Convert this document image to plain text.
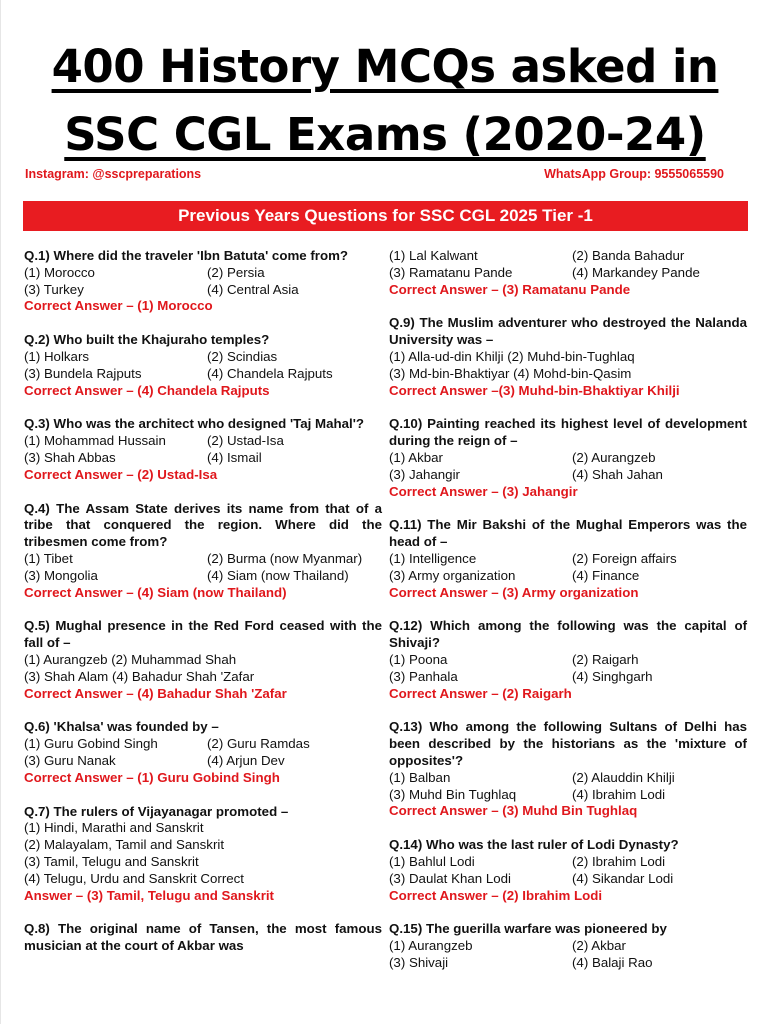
400 History MCQs asked in
SSC CGL Exams (2020-24)
Instagram: @sscpreparations	WhatsApp Group: 9555065590
Previous Years Questions for SSC CGL 2025 Tier -1
Q.1) Where did the traveler 'Ibn Batuta' come from?
(1) Morocco	(2) Persia
(3) Turkey	(4) Central Asia
Correct Answer – (1) Morocco
Q.2) Who built the Khajuraho temples?
(1) Holkars	(2) Scindias
(3) Bundela Rajputs	(4) Chandela Rajputs
Correct Answer – (4) Chandela Rajputs
Q.3) Who was the architect who designed 'Taj Mahal'?
(1) Mohammad Hussain	(2) Ustad-Isa
(3) Shah Abbas	(4) Ismail
Correct Answer – (2) Ustad-Isa
Q.4) The Assam State derives its name from that of a tribe that conquered the region. Where did the tribesmen come from?
(1) Tibet	(2) Burma (now Myanmar)
(3) Mongolia	(4) Siam (now Thailand)
Correct Answer – (4) Siam (now Thailand)
Q.5) Mughal presence in the Red Ford ceased with the fall of –
(1) Aurangzeb (2) Muhammad Shah
(3) Shah Alam (4) Bahadur Shah 'Zafar
Correct Answer – (4) Bahadur Shah 'Zafar
Q.6) 'Khalsa' was founded by –
(1) Guru Gobind Singh	(2) Guru Ramdas
(3) Guru Nanak	(4) Arjun Dev
Correct Answer – (1) Guru Gobind Singh
Q.7) The rulers of Vijayanagar promoted –
(1) Hindi, Marathi and Sanskrit
(2) Malayalam, Tamil and Sanskrit
(3) Tamil, Telugu and Sanskrit
(4) Telugu, Urdu and Sanskrit Correct
Answer – (3) Tamil, Telugu and Sanskrit
Q.8) The original name of Tansen, the most famous musician at the court of Akbar was
(1) Lal Kalwant	(2) Banda Bahadur
(3) Ramatanu Pande	(4) Markandey Pande
Correct Answer – (3) Ramatanu Pande
Q.9) The Muslim adventurer who destroyed the Nalanda University was –
(1) Alla-ud-din Khilji (2) Muhd-bin-Tughlaq
(3) Md-bin-Bhaktiyar (4) Mohd-bin-Qasim
Correct Answer –(3) Muhd-bin-Bhaktiyar Khilji
Q.10) Painting reached its highest level of development during the reign of –
(1) Akbar	(2) Aurangzeb
(3) Jahangir	(4) Shah Jahan
Correct Answer – (3) Jahangir
Q.11) The Mir Bakshi of the Mughal Emperors was the head of –
(1) Intelligence	(2) Foreign affairs
(3) Army organization	(4) Finance
Correct Answer – (3) Army organization
Q.12) Which among the following was the capital of Shivaji?
(1) Poona	(2) Raigarh
(3) Panhala	(4) Singhgarh
Correct Answer – (2) Raigarh
Q.13) Who among the following Sultans of Delhi has been described by the historians as the 'mixture of opposites'?
(1) Balban	(2) Alauddin Khilji
(3) Muhd Bin Tughlaq	(4) Ibrahim Lodi
Correct Answer – (3) Muhd Bin Tughlaq
Q.14) Who was the last ruler of Lodi Dynasty?
(1) Bahlul Lodi	(2) Ibrahim Lodi
(3) Daulat Khan Lodi	(4) Sikandar Lodi
Correct Answer – (2) Ibrahim Lodi
Q.15) The guerilla warfare was pioneered by
(1) Aurangzeb	(2) Akbar
(3) Shivaji	(4) Balaji Rao
